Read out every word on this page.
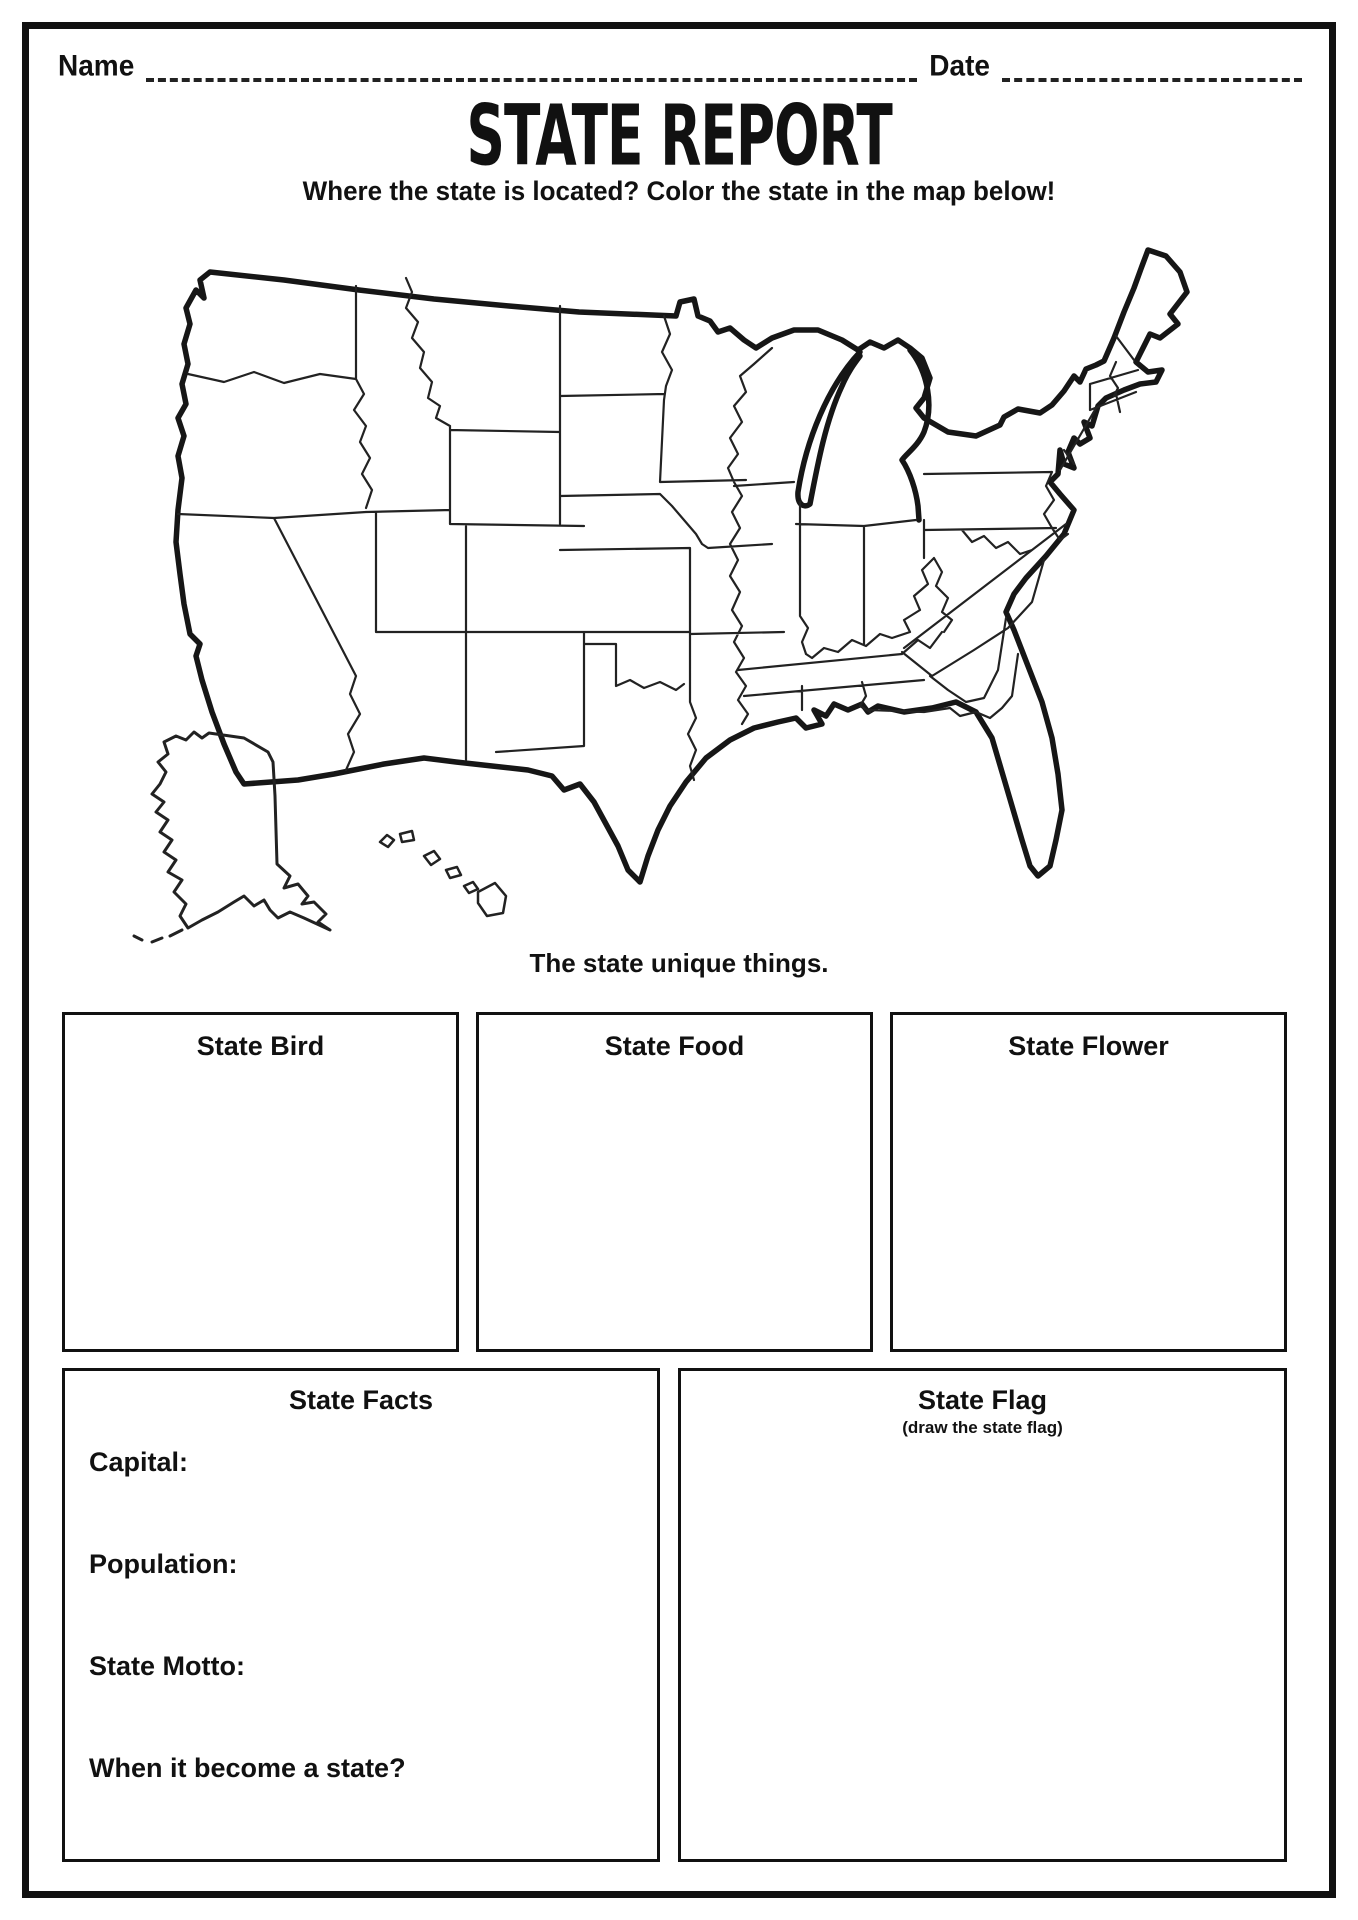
Name	Date
STATE REPORT
Where the state is located? Color the state in the map below!
The state unique things.
State Bird	State Food	State Flower
State Facts
Capital:
Population:
State Motto:
When it become a state?
State Flag
(draw the state flag)
